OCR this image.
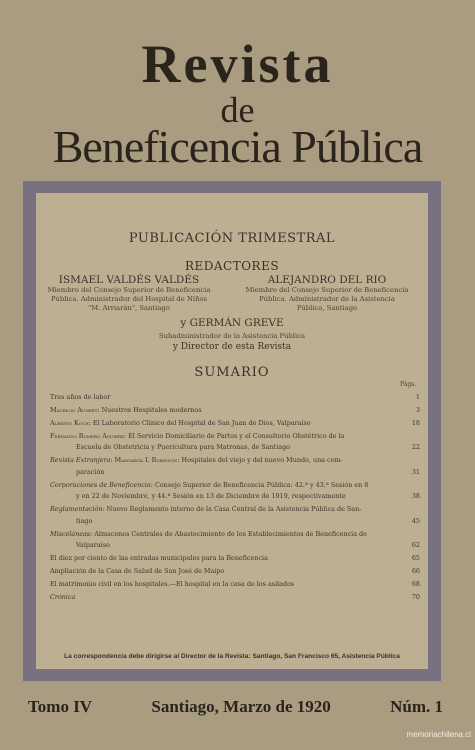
Revista
de
Beneficencia Pública
PUBLICACIÓN TRIMESTRAL
REDACTORES
ISMAEL VALDÉS VALDÉS
Miembro del Consejo Superior de Beneficencia
Pública. Administrador del Hospital de Niños
"M. Arriarán", Santiago
ALEJANDRO DEL RIO
Miembro del Consejo Superior de Beneficencia
Pública. Administrador de la Asistencia
Pública, Santiago
y GERMÁN GREVE
Subadministrador de la Asistencia Pública
y Director de esta Revista
SUMARIO
Págs.
Tres años de labor	1
Mauricio Aunert: Nuestros Hospitales modernos	3
Alberto Koch: El Laboratorio Clínico del Hospital de San Juan de Dios, Valparaíso	18
Fernando Romero Aguirre: El Servicio Domiciliario de Partos y el Consultorio Obstétrico de la
Escuela de Obstetricia y Puericultura para Matronas, de Santiago	22
Revista Extranjera: Margarita I. Robinson: Hospitales del viejo y del nuevo Mundo, una com-
paración	31
Corporaciones de Beneficencia: Consejo Superior de Beneficencia Pública: 42.ª y 43.ª Sesión en 8
y en 22 de Noviembre, y 44.ª Sesión en 13 de Diciembre de 1919, respectivamente	38
Reglamentación: Nuevo Reglamento interno de la Casa Central de la Asistencia Pública de San-
tiago	45
Misceláneas: Almacenes Centrales de Abastecimiento de los Establecimientos de Beneficencia de
Valparaíso	62
El diez por ciento de las entradas municipales para la Beneficencia	65
Ampliación de la Casa de Salud de San José de Maipo	66
El matrimonio civil en los hospitales.—El hospital en la casa de los asilados	68
Crónica	70
La correspondencia debe dirigirse al Director de la Revista: Santiago, San Francisco 65, Asistencia Pública
Tomo IV	Santiago, Marzo de 1920	Núm. 1
memoriachilena.cl
